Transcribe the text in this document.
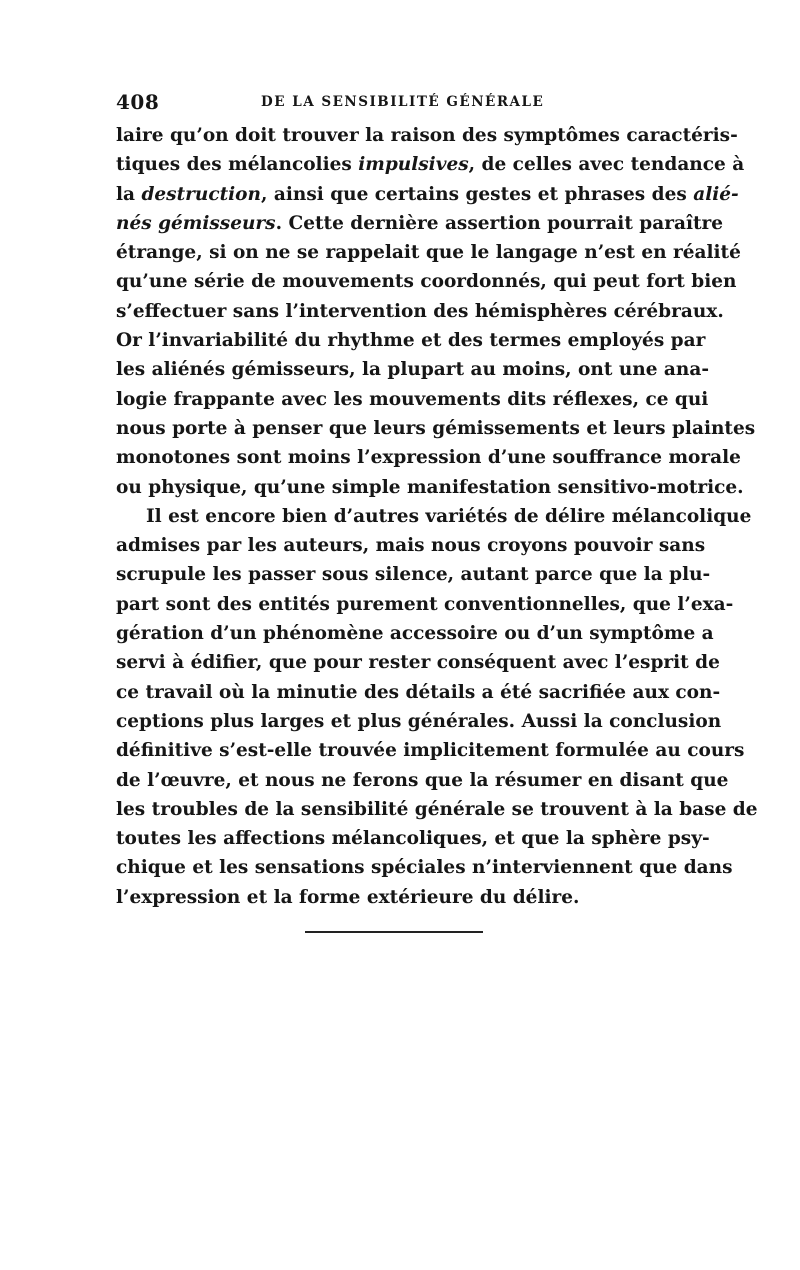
408	DE LA SENSIBILITÉ GÉNÉRALE
laire qu’on doit trouver la raison des symptômes caractéris-
tiques des mélancolies impulsives, de celles avec tendance à
la destruction, ainsi que certains gestes et phrases des alié-
nés gémisseurs. Cette dernière assertion pourrait paraître
étrange, si on ne se rappelait que le langage n’est en réalité
qu’une série de mouvements coordonnés, qui peut fort bien
s’effectuer sans l’intervention des hémisphères cérébraux.
Or l’invariabilité du rhythme et des termes employés par
les aliénés gémisseurs, la plupart au moins, ont une ana-
logie frappante avec les mouvements dits réflexes, ce qui
nous porte à penser que leurs gémissements et leurs plaintes
monotones sont moins l’expression d’une souffrance morale
ou physique, qu’une simple manifestation sensitivo-motrice.
Il est encore bien d’autres variétés de délire mélancolique
admises par les auteurs, mais nous croyons pouvoir sans
scrupule les passer sous silence, autant parce que la plu-
part sont des entités purement conventionnelles, que l’exa-
gération d’un phénomène accessoire ou d’un symptôme a
servi à édifier, que pour rester conséquent avec l’esprit de
ce travail où la minutie des détails a été sacrifiée aux con-
ceptions plus larges et plus générales. Aussi la conclusion
définitive s’est-elle trouvée implicitement formulée au cours
de l’œuvre, et nous ne ferons que la résumer en disant que
les troubles de la sensibilité générale se trouvent à la base de
toutes les affections mélancoliques, et que la sphère psy-
chique et les sensations spéciales n’interviennent que dans
l’expression et la forme extérieure du délire.
